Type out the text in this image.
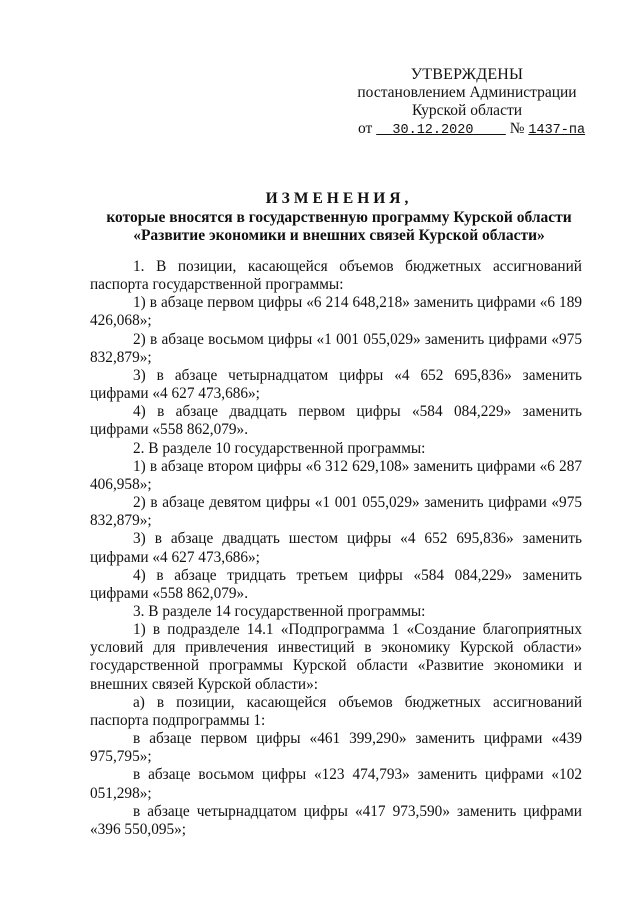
УТВЕРЖДЕНЫ
постановлением Администрации
Курской области
от 30.12.2020 № 1437-па
ИЗМЕНЕНИЯ,
которые вносятся в государственную программу Курской области
«Развитие экономики и внешних связей Курской области»

1. В позиции, касающейся объемов бюджетных ассигнований паспорта государственной программы:

1) в абзаце первом цифры «6 214 648,218» заменить цифрами «6 189 426,068»;

2) в абзаце восьмом цифры «1 001 055,029» заменить цифрами «975 832,879»;

3) в абзаце четырнадцатом цифры «4 652 695,836» заменить цифрами «4 627 473,686»;

4) в абзаце двадцать первом цифры «584 084,229» заменить цифрами «558 862,079».

2. В разделе 10 государственной программы:

1) в абзаце втором цифры «6 312 629,108» заменить цифрами «6 287 406,958»;

2) в абзаце девятом цифры «1 001 055,029» заменить цифрами «975 832,879»;

3) в абзаце двадцать шестом цифры «4 652 695,836» заменить цифрами «4 627 473,686»;

4) в абзаце тридцать третьем цифры «584 084,229» заменить цифрами «558 862,079».

3. В разделе 14 государственной программы:

1) в подразделе 14.1 «Подпрограмма 1 «Создание благоприятных условий для привлечения инвестиций в экономику Курской области» государственной программы Курской области «Развитие экономики и внешних связей Курской области»:

а) в позиции, касающейся объемов бюджетных ассигнований паспорта подпрограммы 1:

в абзаце первом цифры «461 399,290» заменить цифрами «439 975,795»;

в абзаце восьмом цифры «123 474,793» заменить цифрами «102 051,298»;

в абзаце четырнадцатом цифры «417 973,590» заменить цифрами «396 550,095»;
